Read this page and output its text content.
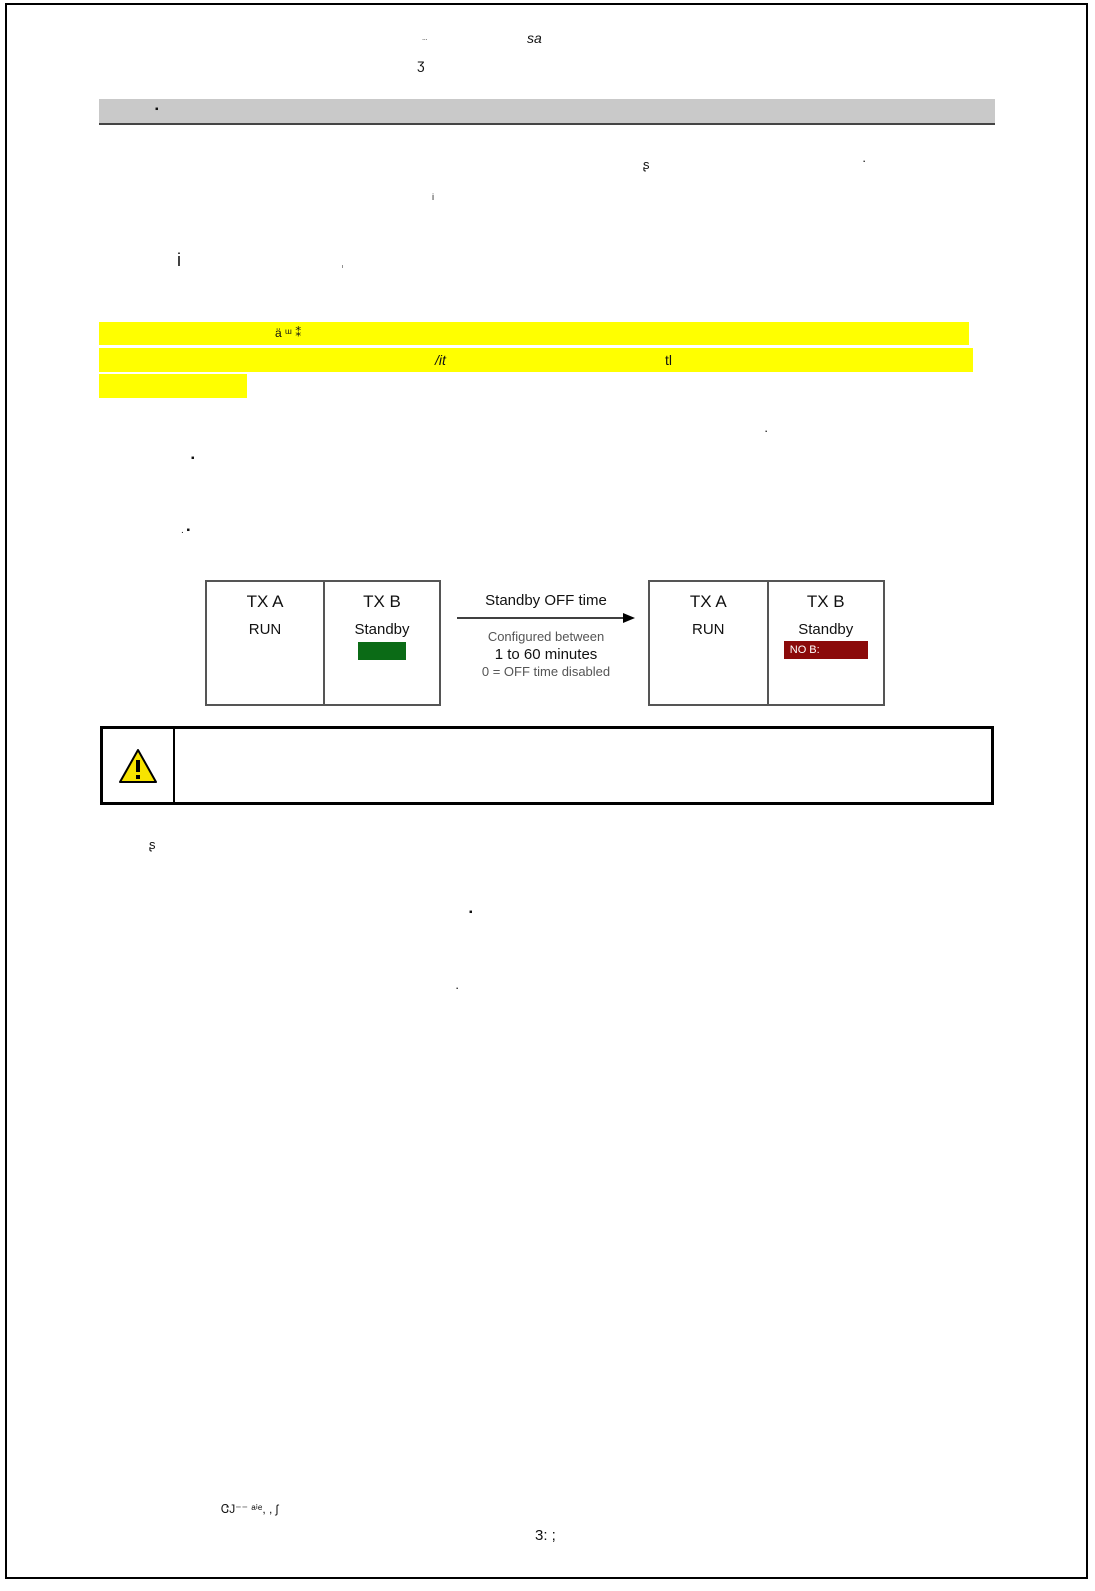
ᐧᐧᐧ	sa
ʒ
▪
ʂ	·
ᵢ
i	ᶦ
ä ᵚ ⁑
/it	tl
·
▪
. ▪
TX A
RUN
TX B
Standby
Standby OFF time
Configured between
1 to 60 minutes
0 = OFF time disabled
TX A
RUN
TX B
Standby
NO B:
ʂ
▪
·
ᏣJ⁻⁻ ᵃⁱᵉ, , ʃ
3: ;
